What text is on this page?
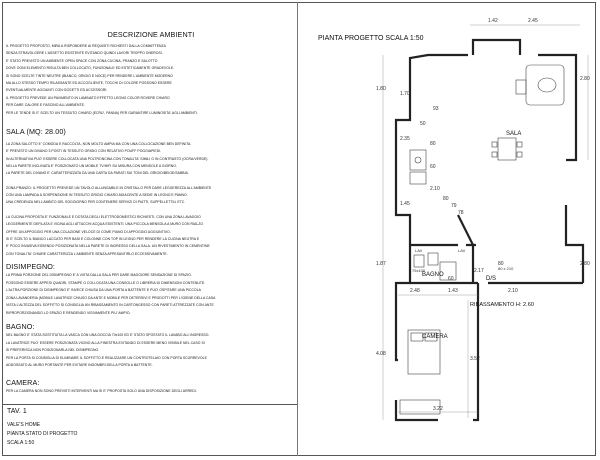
DESCRIZIONE AMBIENTI
IL PROGETTO PROPOSTO, MIRA A RISPONDERE AI REQUISITI RICHIESTI DALLA COMMITTENZA
SENZA STRAVOLGERE L'ASSETTO ESISTENTE EVITANDO QUINDI LAVORI TROPPO ONEROSI.
E' STATO PREVISTO UN AMBIENTE OPEN SPACE CON ZONA CUCINA, PRANZO E SALOTTO
DOVE OGNI ELEMENTO RISULTA BEN COLLOCATO, FUNZIONALE ED ESTETICAMENTE GRADEVOLE.
SI SONO SCELTE TINTE NEUTRE (BIANCO, GRIGIO E NOCE) PER RENDERE L'AMBIENTE MODERNO
MA ALLO STESSO TEMPO RILASSANTE ED ACCOGLIENTE, TOCCHI DI COLORE POSSONO ESSERE
EVENTUALMENTE AGGIUNTI CON OGGETTI ED ACCESSORI.
IL PROGETTO PREVEDE UN PAVIMENTO IN LAMINATO EFFETTO LEGNO COLOR ROVERE CHIARO
PER DARE CALORE E FASCINO ALL'AMBIENTE.
PER LE TENDE SI E' SCELTO UN TESSUTO CHIARO (ECRU', PANNA) PER GARANTIRE LUMINOSITA' AGLI AMBIENTI.
SALA (MQ: 28.00)
LA ZONA SALOTTO E' COMODA E RACCOLTA, NON MOLTO AMPIA MA CON UNA COLLOCAZIONE BEN DEFINITA.
E' PREVISTO UN DIVANO 3 POSTI IN TESSUTO GRIGIO CON RELATIVO POUFF POGGIAPIEDI.
IN ALTERNATIVA PUO' ESSERE COLLOCATA UNA POLTRONCINA CON TONALITA' SIMILI O IN CONTRASTO (OCRA/VERDE).
NELLA PARETE INCLINATA E' POSIZIONATO UN MOBILE TV/HIFI SU MISURA CON MENSOLE A GIORNO.
LA PARETE DEL DIVANO E' CARATTERIZZATA DA UNA CARTA DA PARATI SUI TONI DEL GRIGIO/BEIGE/SABBIA.
ZONA PRANZO: IL PROGETTO PREVEDE UN TAVOLO ALLUNGABILE IN CRISTALLO PER DARE LEGGEREZZA ALL'AMBIENTE
CON UNA LAMPADA A SOSPENSIONE IN TESSUTO GRIGIO CHIARO ADIACENTE A SEDIE IN LEGNO E PANNO.
UNA CREDENZA NELL'AMBITO DEL SOGGIORNO PER CONTENERE SERVIZI DI PIATTI, SUPPELLETTILI ETC.
LA CUCINA PROPOSTA E' FUNZIONALE E DOTATA DEGLI ELETTRODOMESTICI RICHIESTI, CON UNA ZONA LAVAGGIO
LEGGERMENTE DEFILATA E VICINA AGLI ATTACCHI ACQUA ESISTENTI. UNA PICCOLA MENSOLA A MURO CON RIALZO
OFFRE UN APPOGGIO PER UNA COLAZIONE VELOCE DI COME PIANO DI APPOGGIO AGGIUNTIVO.
SI E' SCELTO IL BIANCO LACCATO PER BASI E COLONNE CON TOP IN LEGNO PER RENDERE LA CUCINA NEUTRA E
E' POCO INVASIVA ESSENDO POSIZIONATA NELLA PARETE DI INGRESSO DELLA SALA. UN RIVESTIMENTO IN CEMENTINE
CON TONALITA' CHIARE CARATTERIZZA L'AMBIENTE SENZA APPESANTIRLO ECCESSIVAMENTE.
DISIMPEGNO:
LA PRIMA PORZIONE DEL DISIMPEGNO E' A VISTA DALLA SALA PER DARE MAGGIORE SENSAZIONE DI SPAZIO.
POSSONO ESSERE APPESI QUADRI, STAMPE O COLLOCATA UNA CONSOLLE O LIBRERIA DI DIMENSIONI CONTENUTE.
L'ALTRA PORZIONE DI DISIMPEGNO E' INVECE CHIUSA DA UNA PORTA A BATTENTE E PUO' OSPITARE UNA PICCOLA
ZONA LAVANDERIA (MOBILE LAVATRICE CHIUSO DA ANTE E MOBILE PER DETERSIVI E PRODOTTI PER L'IGIENE DELLA CASA
VISTA L'ALTEZZA DEL SOFFITTO SI CONSIGLIA UN RIBASSAMENTO IN CARTONGESSO CON PARETI ATTREZZATE CON ANTE
RIPROPORZIONANDO LO SPAZIO E RENDENDO VISIVAMENTE PIU' AMPIO.
BAGNO:
NEL BAGNO E' STATA SOSTITUITA LA VASCA CON UNA DOCCIA 70x100 ED E' STATO SPOSTATO IL LAVABO ALL'INGRESSO.
LA LAVATRICE PUO' ESSERE POSIZIONATA VICINO ALLA FINESTRA EVITANDO DI ESSERE MENO VISIBILE NEL CASO SI
SI PREFERISCA NON POSIZIONARLA NEL DISIMPEGNO.
PER LA PORTA SI CONSIGLIA DI ELIMINARE IL SOFFITTO E REALIZZARE UN CONTROTELAIO CON PORTA SCORREVOLE
ADDOSSATO AL MURO PORTANTE PER EVITARE INGOMBRI DELLA PORTA A BATTENTE.
CAMERA:
PER LA CAMERA NON SONO PREVISTI INTERVENTI MA SI E' PROPOSTA SOLO UNA DISPOSIZIONE DEGLI ARREDI.
TAV. 1
VALE'S HOME
PIANTA STATO DI PROGETTO
SCALA 1:50
1.42	2.45
2.80
1.80
1.70
2.35
1.45
1.87
4.08
93
50
80
60
2.10
80
79
78
2.48	1.43	2.10
2.17
60
80
3.52
3.22
2.80
SALA
BAGNO
CAMERA
D/S
LAV	LAV
75x100	80 x 210
PIANTA PROGETTO SCALA 1:50
RIBASSAMENTO H: 2.60
